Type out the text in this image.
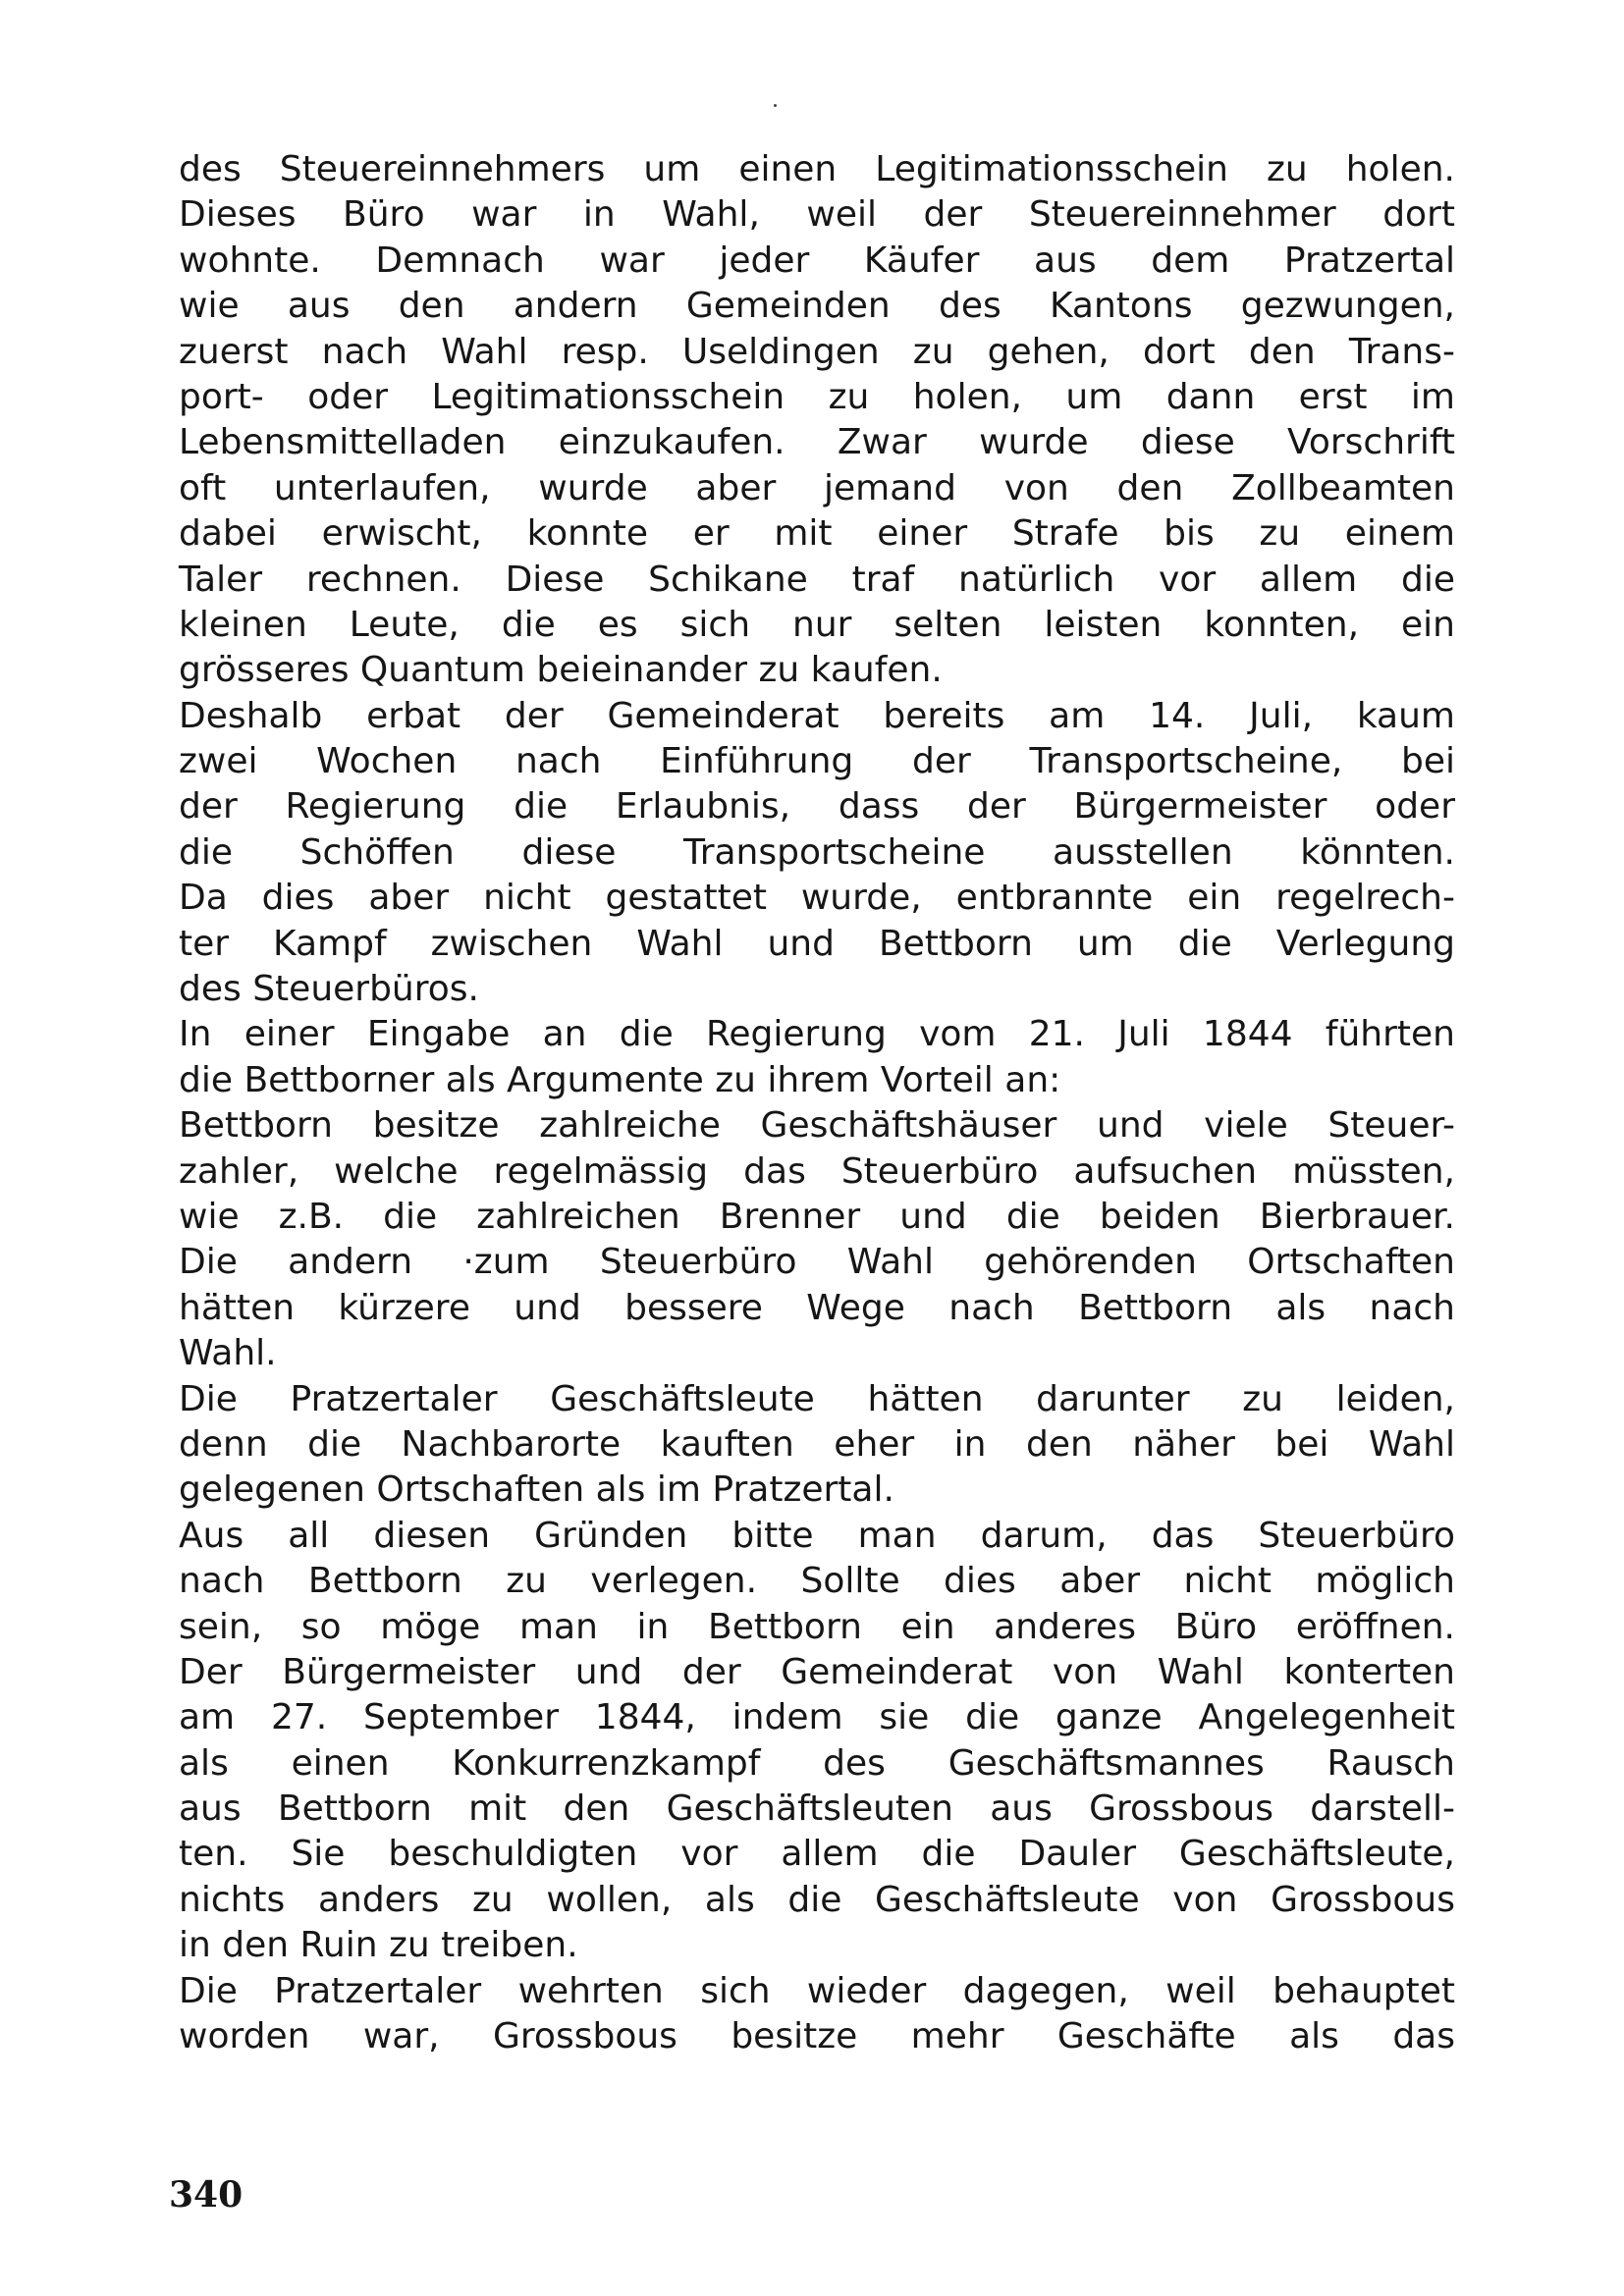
des Steuereinnehmers um einen Legitimationsschein zu holen.
Dieses Büro war in Wahl, weil der Steuereinnehmer dort
wohnte. Demnach war jeder Käufer aus dem Pratzertal
wie aus den andern Gemeinden des Kantons gezwungen,
zuerst nach Wahl resp. Useldingen zu gehen, dort den Trans-
port- oder Legitimationsschein zu holen, um dann erst im
Lebensmittelladen einzukaufen. Zwar wurde diese Vorschrift
oft unterlaufen, wurde aber jemand von den Zollbeamten
dabei erwischt, konnte er mit einer Strafe bis zu einem
Taler rechnen. Diese Schikane traf natürlich vor allem die
kleinen Leute, die es sich nur selten leisten konnten, ein
grösseres Quantum beieinander zu kaufen.
Deshalb erbat der Gemeinderat bereits am 14. Juli, kaum
zwei Wochen nach Einführung der Transportscheine, bei
der Regierung die Erlaubnis, dass der Bürgermeister oder
die Schöffen diese Transportscheine ausstellen könnten.
Da dies aber nicht gestattet wurde, entbrannte ein regelrech-
ter Kampf zwischen Wahl und Bettborn um die Verlegung
des Steuerbüros.
In einer Eingabe an die Regierung vom 21. Juli 1844 führten
die Bettborner als Argumente zu ihrem Vorteil an:
Bettborn besitze zahlreiche Geschäftshäuser und viele Steuer-
zahler, welche regelmässig das Steuerbüro aufsuchen müssten,
wie z.B. die zahlreichen Brenner und die beiden Bierbrauer.
Die andern ·zum Steuerbüro Wahl gehörenden Ortschaften
hätten kürzere und bessere Wege nach Bettborn als nach
Wahl.
Die Pratzertaler Geschäftsleute hätten darunter zu leiden,
denn die Nachbarorte kauften eher in den näher bei Wahl
gelegenen Ortschaften als im Pratzertal.
Aus all diesen Gründen bitte man darum, das Steuerbüro
nach Bettborn zu verlegen. Sollte dies aber nicht möglich
sein, so möge man in Bettborn ein anderes Büro eröffnen.
Der Bürgermeister und der Gemeinderat von Wahl konterten
am 27. September 1844, indem sie die ganze Angelegenheit
als einen Konkurrenzkampf des Geschäftsmannes Rausch
aus Bettborn mit den Geschäftsleuten aus Grossbous darstell-
ten. Sie beschuldigten vor allem die Dauler Geschäftsleute,
nichts anders zu wollen, als die Geschäftsleute von Grossbous
in den Ruin zu treiben.
Die Pratzertaler wehrten sich wieder dagegen, weil behauptet
worden war, Grossbous besitze mehr Geschäfte als das
340
